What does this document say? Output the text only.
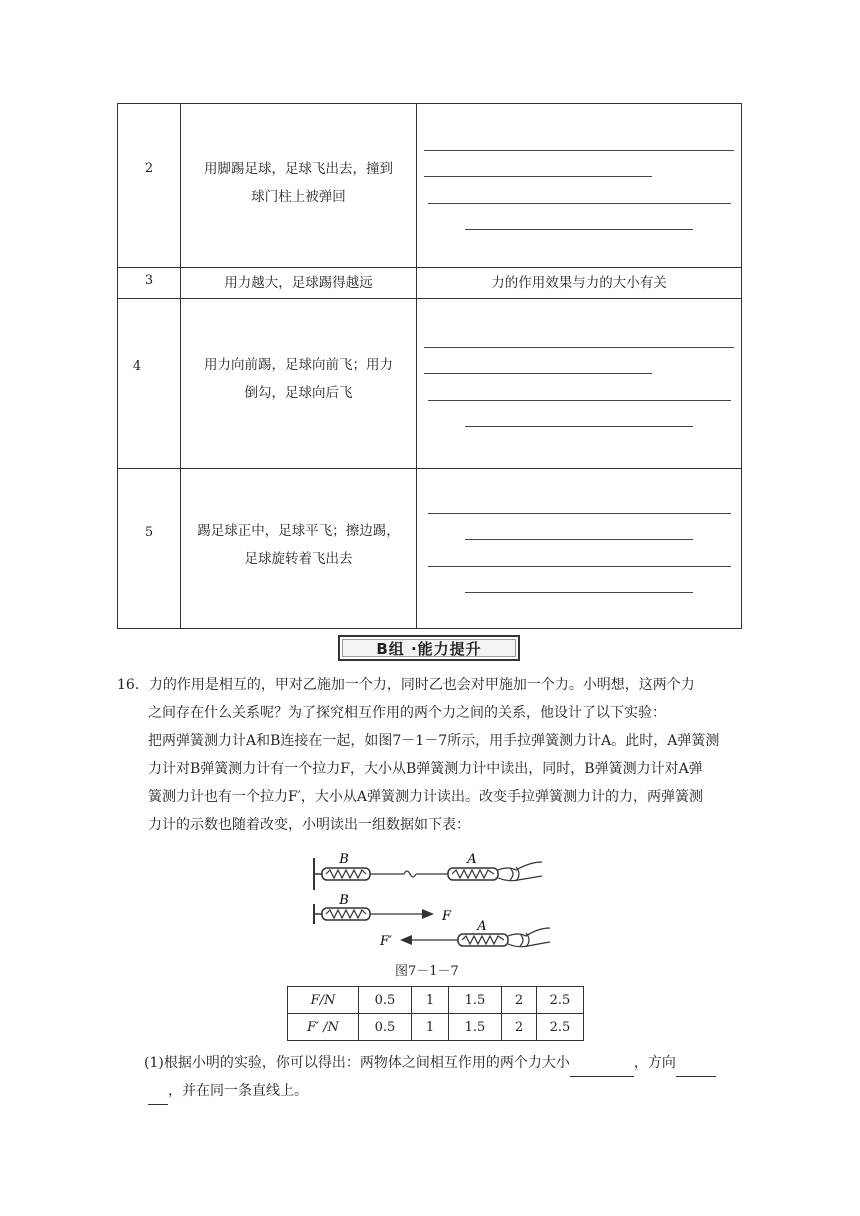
2	用脚踢足球，足球飞出去，撞到
球门柱上被弹回
3	用力越大，足球踢得越远	力的作用效果与力的大小有关
4	用力向前踢，足球向前飞；用力
倒勾，足球向后飞
5	踢足球正中，足球平飞；擦边踢，
足球旋转着飞出去
B组 ·能力提升
16．力的作用是相互的，甲对乙施加一个力，同时乙也会对甲施加一个力。小明想，这两个力
之间存在什么关系呢？为了探究相互作用的两个力之间的关系，他设计了以下实验：
把两弹簧测力计A和B连接在一起，如图7－1－7所示，用手拉弹簧测力计A。此时，A弹簧测
力计对B弹簧测力计有一个拉力F，大小从B弹簧测力计中读出，同时，B弹簧测力计对A弹
簧测力计也有一个拉力F′，大小从A弹簧测力计读出。改变手拉弹簧测力计的力，两弹簧测
力计的示数也随着改变，小明读出一组数据如下表：
B	A
B
F
A
F′
图7－1－7
F/N	0.5	1	1.5	2	2.5
F′ /N	0.5	1	1.5	2	2.5
(1)根据小明的实验，你可以得出：两物体之间相互作用的两个力大小	，方向
，并在同一条直线上。
